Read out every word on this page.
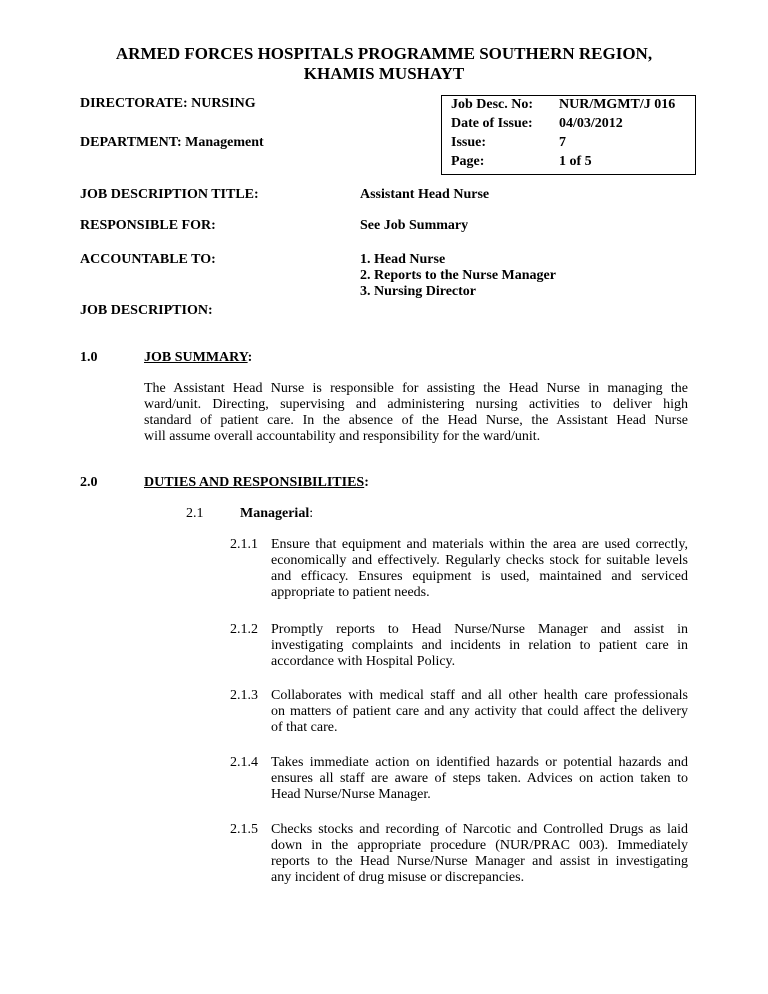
ARMED FORCES HOSPITALS PROGRAMME SOUTHERN REGION,
KHAMIS MUSHAYT
DIRECTORATE: NURSING
DEPARTMENT: Management
Job Desc. No: NUR/MGMT/J 016
Date of Issue: 04/03/2012
Issue:	7
Page:	1 of 5
JOB DESCRIPTION TITLE:	Assistant Head Nurse
RESPONSIBLE FOR:	See Job Summary
ACCOUNTABLE TO:	1. Head Nurse
2. Reports to the Nurse Manager
3. Nursing Director
JOB DESCRIPTION:
1.0	JOB SUMMARY:
The Assistant Head Nurse is responsible for assisting the Head Nurse in managing the
ward/unit. Directing, supervising and administering nursing activities to deliver high
standard of patient care. In the absence of the Head Nurse, the Assistant Head Nurse
will assume overall accountability and responsibility for the ward/unit.
2.0	DUTIES AND RESPONSIBILITIES:
2.1	Managerial:
2.1.1 Ensure that equipment and materials within the area are used correctly,
economically and effectively. Regularly checks stock for suitable levels
and efficacy. Ensures equipment is used, maintained and serviced
appropriate to patient needs.
2.1.2 Promptly reports to Head Nurse/Nurse Manager and assist in
investigating complaints and incidents in relation to patient care in
accordance with Hospital Policy.
2.1.3 Collaborates with medical staff and all other health care professionals
on matters of patient care and any activity that could affect the delivery
of that care.
2.1.4 Takes immediate action on identified hazards or potential hazards and
ensures all staff are aware of steps taken. Advices on action taken to
Head Nurse/Nurse Manager.
2.1.5 Checks stocks and recording of Narcotic and Controlled Drugs as laid
down in the appropriate procedure (NUR/PRAC 003). Immediately
reports to the Head Nurse/Nurse Manager and assist in investigating
any incident of drug misuse or discrepancies.
